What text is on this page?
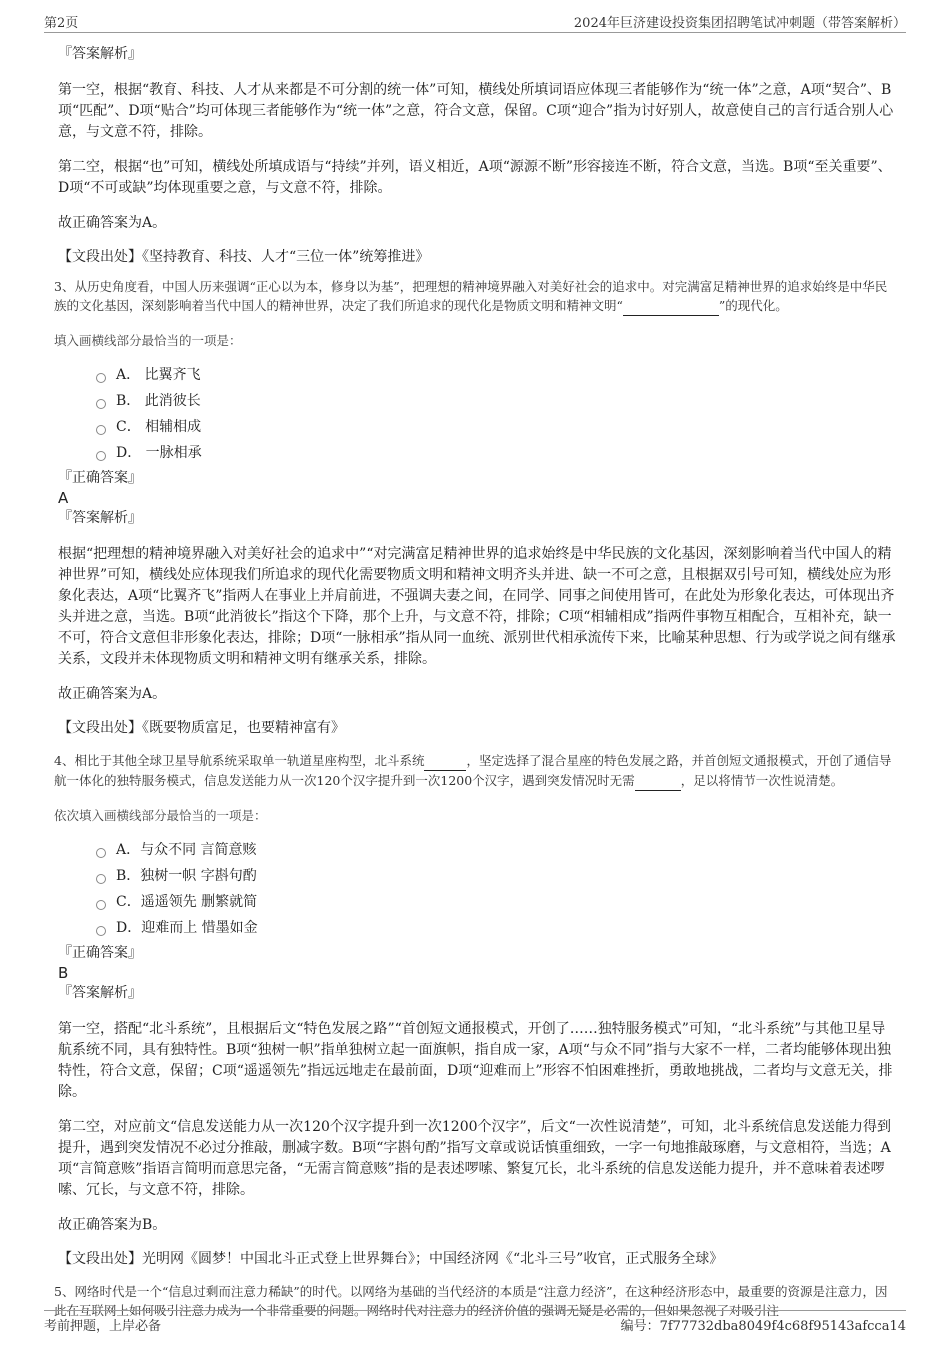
第2页	2024年巨济建设投资集团招聘笔试冲刺题（带答案解析）

『答案解析』

第一空，根据“教育、科技、人才从来都是不可分割的统一体”可知，横线处所填词语应体现三者能够作为“统一体”之意，A项“契合”、B项“匹配”、D项“贴合”均可体现三者能够作为“统一体”之意，符合文意，保留。C项“迎合”指为讨好别人，故意使自己的言行适合别人心意，与文意不符，排除。

第二空，根据“也”可知，横线处所填成语与“持续”并列，语义相近，A项“源源不断”形容接连不断，符合文意，当选。B项“至关重要”、D项“不可或缺”均体现重要之意，与文意不符，排除。

故正确答案为A。

【文段出处】《坚持教育、科技、人才“三位一体”统筹推进》

3、从历史角度看，中国人历来强调“正心以为本，修身以为基”，把理想的精神境界融入对美好社会的追求中。对完满富足精神世界的追求始终是中华民族的文化基因，深刻影响着当代中国人的精神世界，决定了我们所追求的现代化是物质文明和精神文明“	”的现代化。

填入画横线部分最恰当的一项是：

A． 比翼齐飞
B． 此消彼长
C． 相辅相成
D． 一脉相承

『正确答案』

A

『答案解析』

根据“把理想的精神境界融入对美好社会的追求中”“对完满富足精神世界的追求始终是中华民族的文化基因，深刻影响着当代中国人的精神世界”可知，横线处应体现我们所追求的现代化需要物质文明和精神文明齐头并进、缺一不可之意，且根据双引号可知，横线处应为形象化表达，A项“比翼齐飞”指两人在事业上并肩前进，不强调夫妻之间，在同学、同事之间使用皆可，在此处为形象化表达，可体现出齐头并进之意，当选。B项“此消彼长”指这个下降，那个上升，与文意不符，排除；C项“相辅相成”指两件事物互相配合，互相补充，缺一不可，符合文意但非形象化表达，排除；D项“一脉相承”指从同一血统、派别世代相承流传下来，比喻某种思想、行为或学说之间有继承关系，文段并未体现物质文明和精神文明有继承关系，排除。

故正确答案为A。

【文段出处】《既要物质富足，也要精神富有》

4、相比于其他全球卫星导航系统采取单一轨道星座构型，北斗系统	，坚定选择了混合星座的特色发展之路，并首创短文通报模式，开创了通信导航一体化的独特服务模式，信息发送能力从一次120个汉字提升到一次1200个汉字，遇到突发情况时无需	，足以将情节一次性说清楚。

依次填入画横线部分最恰当的一项是：

A．与众不同 言简意赅
B．独树一帜 字斟句酌
C．遥遥领先 删繁就简
D．迎难而上 惜墨如金

『正确答案』

B

『答案解析』

第一空，搭配“北斗系统”，且根据后文“特色发展之路”“首创短文通报模式，开创了……独特服务模式”可知，“北斗系统”与其他卫星导航系统不同，具有独特性。B项“独树一帜”指单独树立起一面旗帜，指自成一家，A项“与众不同”指与大家不一样，二者均能够体现出独特性，符合文意，保留；C项“遥遥领先”指远远地走在最前面，D项“迎难而上”形容不怕困难挫折，勇敢地挑战，二者均与文意无关，排除。

第二空，对应前文“信息发送能力从一次120个汉字提升到一次1200个汉字”，后文“一次性说清楚”，可知，北斗系统信息发送能力得到提升，遇到突发情况不必过分推敲，删减字数。B项“字斟句酌”指写文章或说话慎重细致，一字一句地推敲琢磨，与文意相符，当选；A项“言简意赅”指语言简明而意思完备，“无需言简意赅”指的是表述啰嗦、繁复冗长，北斗系统的信息发送能力提升，并不意味着表述啰嗦、冗长，与文意不符，排除。

故正确答案为B。

【文段出处】光明网《圆梦！中国北斗正式登上世界舞台》；中国经济网《“北斗三号”收官，正式服务全球》

5、网络时代是一个“信息过剩而注意力稀缺”的时代。以网络为基础的当代经济的本质是“注意力经济”，在这种经济形态中，最重要的资源是注意力，因此在互联网上如何吸引注意力成为一个非常重要的问题。网络时代对注意力的经济价值的强调无疑是必需的，但如果忽视了对吸引注

考前押题，上岸必备	编号：7f77732dba8049f4c68f95143afcca14
